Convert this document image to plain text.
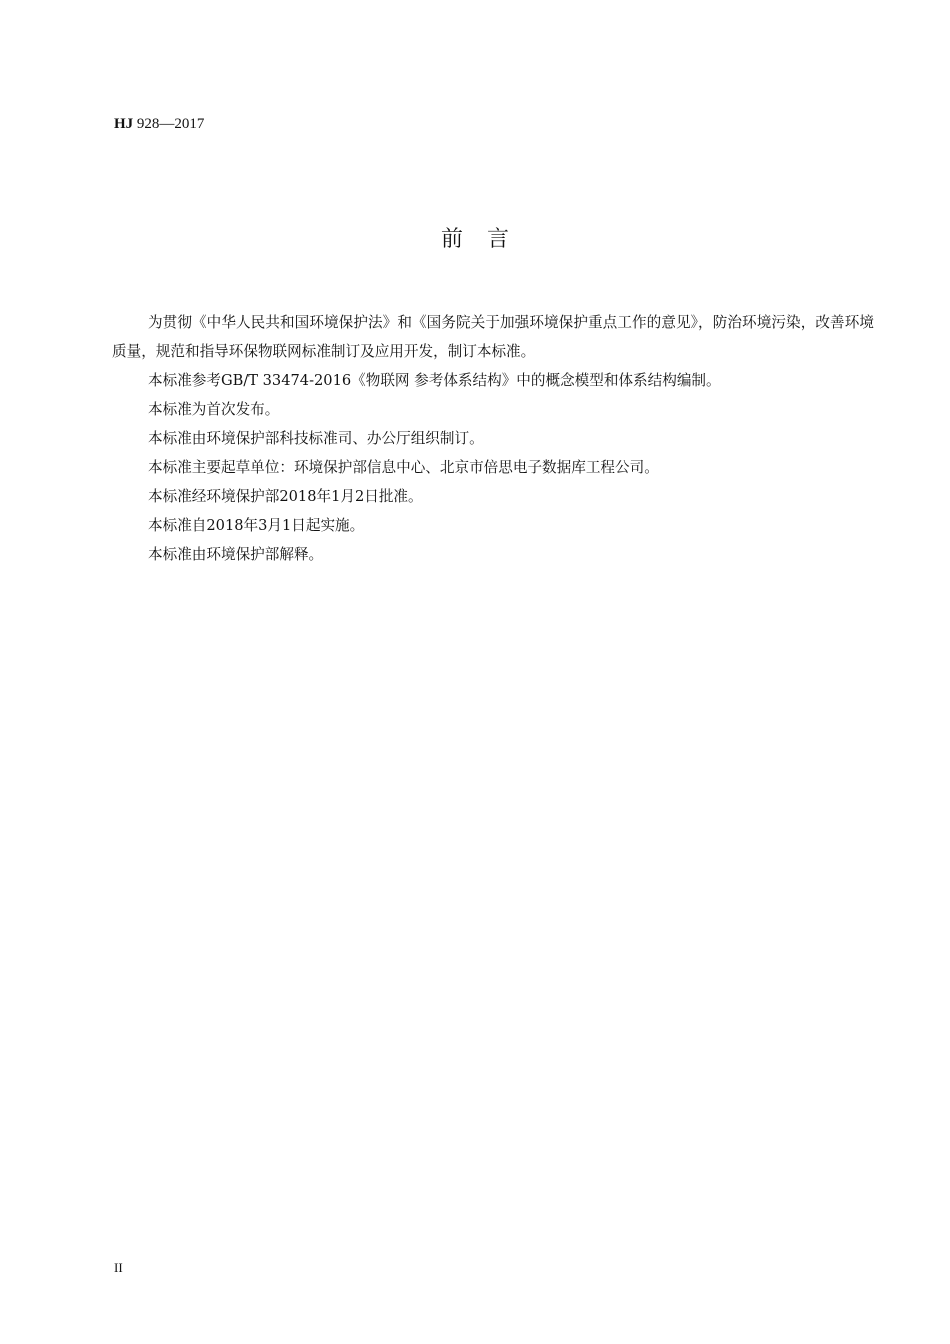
HJ 928—2017
前言

为贯彻《中华人民共和国环境保护法》和《国务院关于加强环境保护重点工作的意见》，防治环境污染，改善环境质量，规范和指导环保物联网标准制订及应用开发，制订本标准。

本标准参考GB/T 33474-2016《物联网 参考体系结构》中的概念模型和体系结构编制。

本标准为首次发布。

本标准由环境保护部科技标准司、办公厅组织制订。

本标准主要起草单位：环境保护部信息中心、北京市倍思电子数据库工程公司。

本标准经环境保护部2018年1月2日批准。

本标准自2018年3月1日起实施。

本标准由环境保护部解释。

II
